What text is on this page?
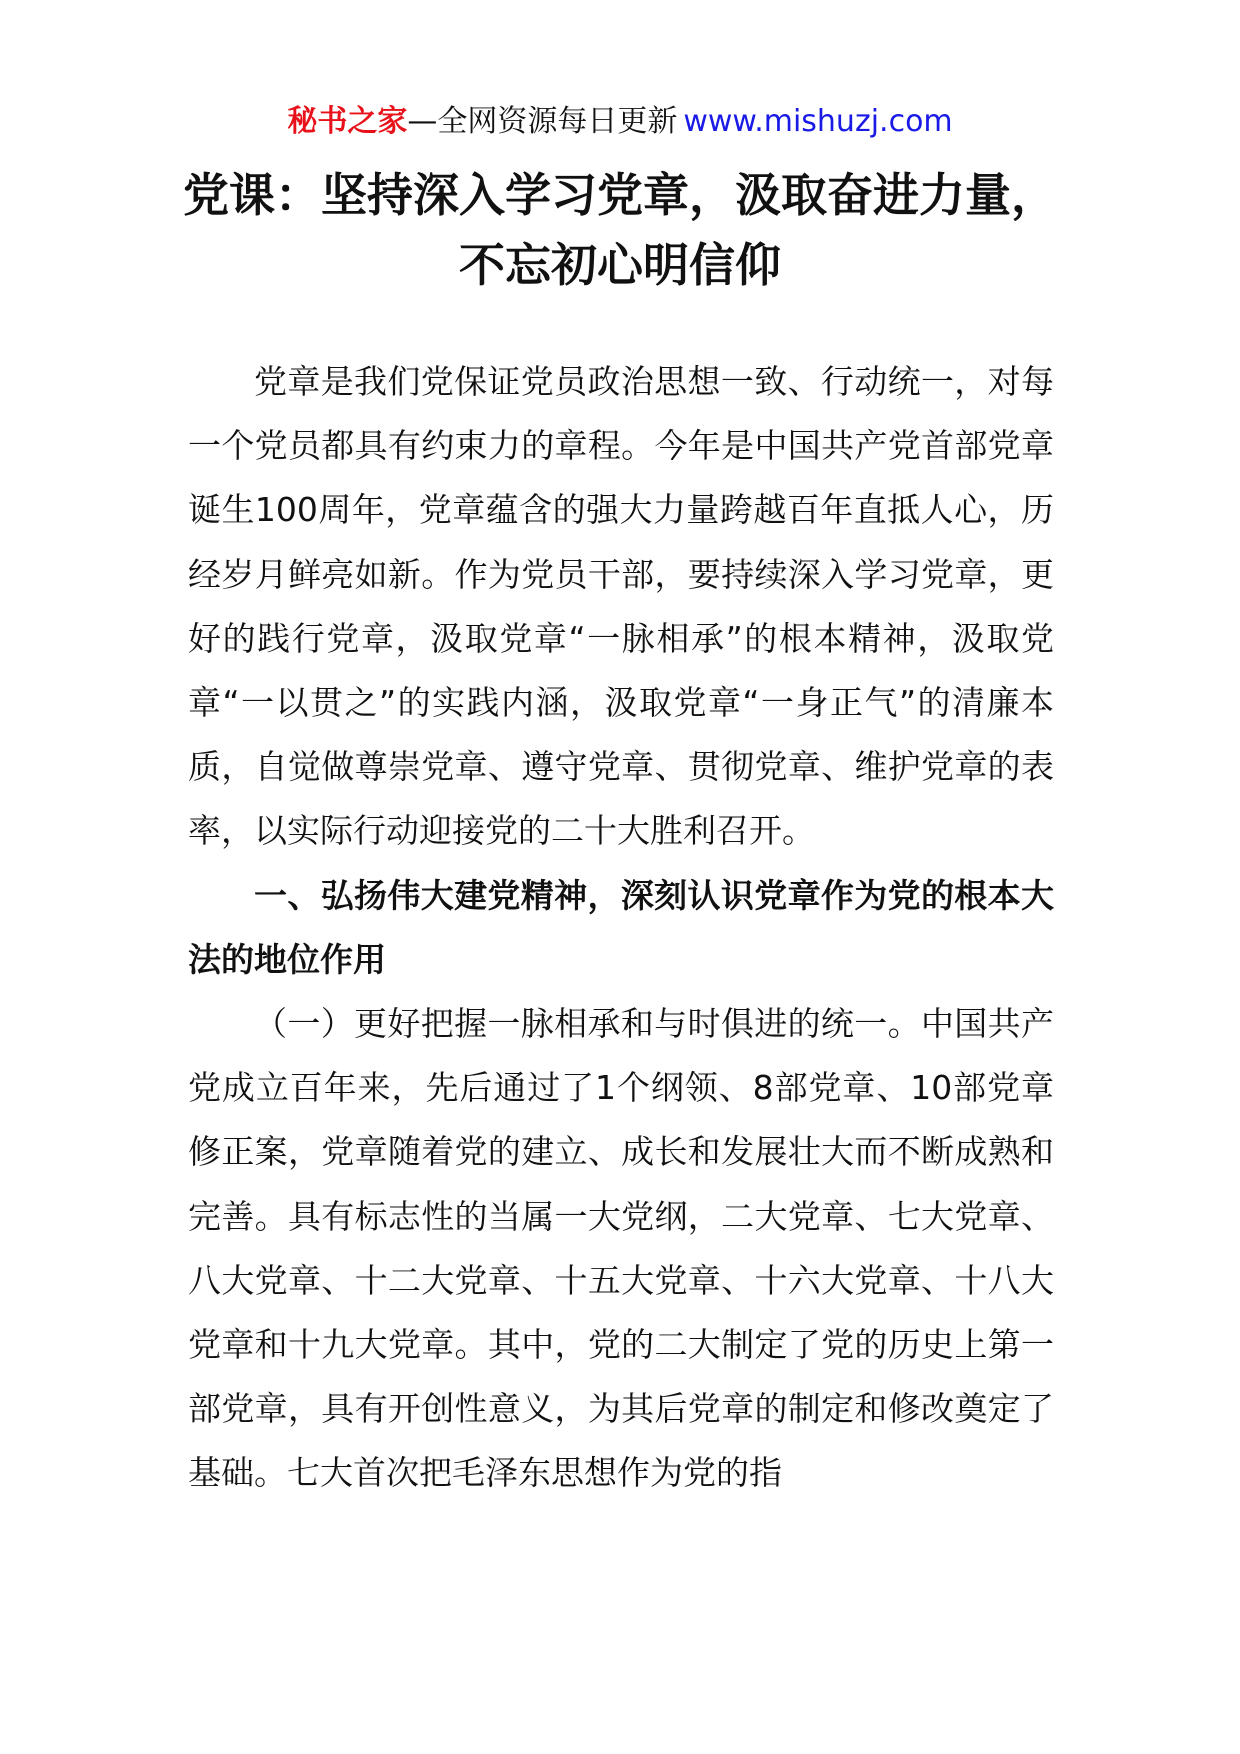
秘书之家—全网资源每日更新 www.mishuzj.com
党课：坚持深入学习党章，汲取奋进力量，不忘初心明信仰

党章是我们党保证党员政治思想一致、行动统一，对每一个党员都具有约束力的章程。今年是中国共产党首部党章诞生100周年，党章蕴含的强大力量跨越百年直抵人心，历经岁月鲜亮如新。作为党员干部，要持续深入学习党章，更好的践行党章，汲取党章“一脉相承”的根本精神，汲取党章“一以贯之”的实践内涵，汲取党章“一身正气”的清廉本质，自觉做尊崇党章、遵守党章、贯彻党章、维护党章的表率，以实际行动迎接党的二十大胜利召开。

一、弘扬伟大建党精神，深刻认识党章作为党的根本大法的地位作用

（一）更好把握一脉相承和与时俱进的统一。中国共产党成立百年来，先后通过了1个纲领、8部党章、10部党章修正案，党章随着党的建立、成长和发展壮大而不断成熟和完善。具有标志性的当属一大党纲，二大党章、七大党章、八大党章、十二大党章、十五大党章、十六大党章、十八大党章和十九大党章。其中，党的二大制定了党的历史上第一部党章，具有开创性意义，为其后党章的制定和修改奠定了基础。七大首次把毛泽东思想作为党的指
